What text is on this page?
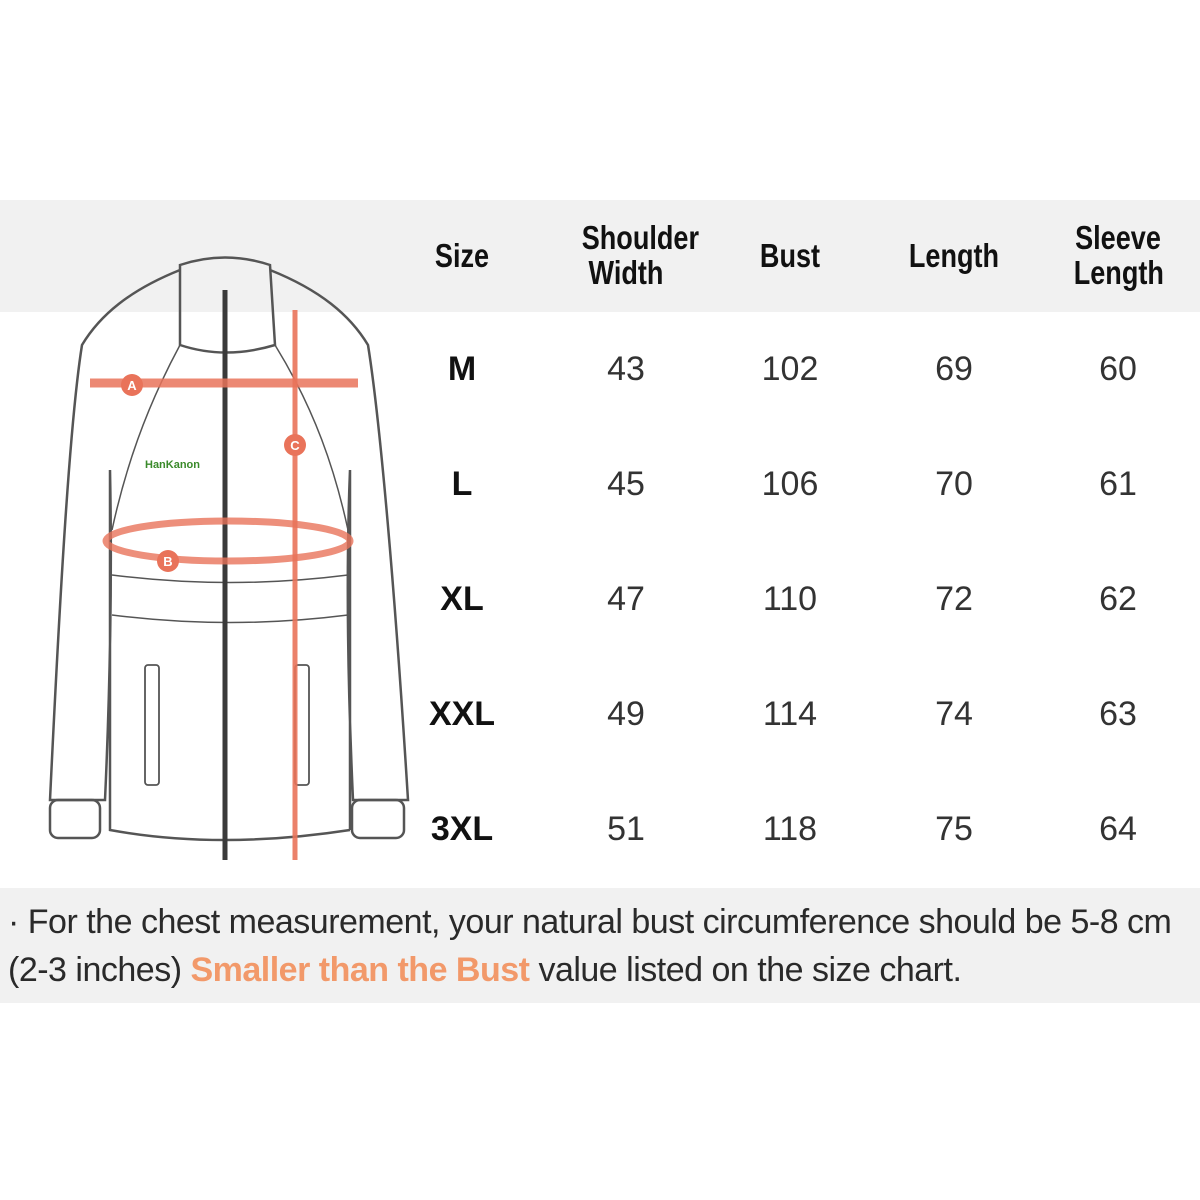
HanKanon
A
B
C
Size	Shoulder Width	Bust	Length	Sleeve Length
M	43	102	69	60
L	45	106	70	61
XL	47	110	72	62
XXL	49	114	74	63
3XL	51	118	75	64
· For the chest measurement, your natural bust circumference should be 5-8 cm (2-3 inches) Smaller than the Bust value listed on the size chart.
